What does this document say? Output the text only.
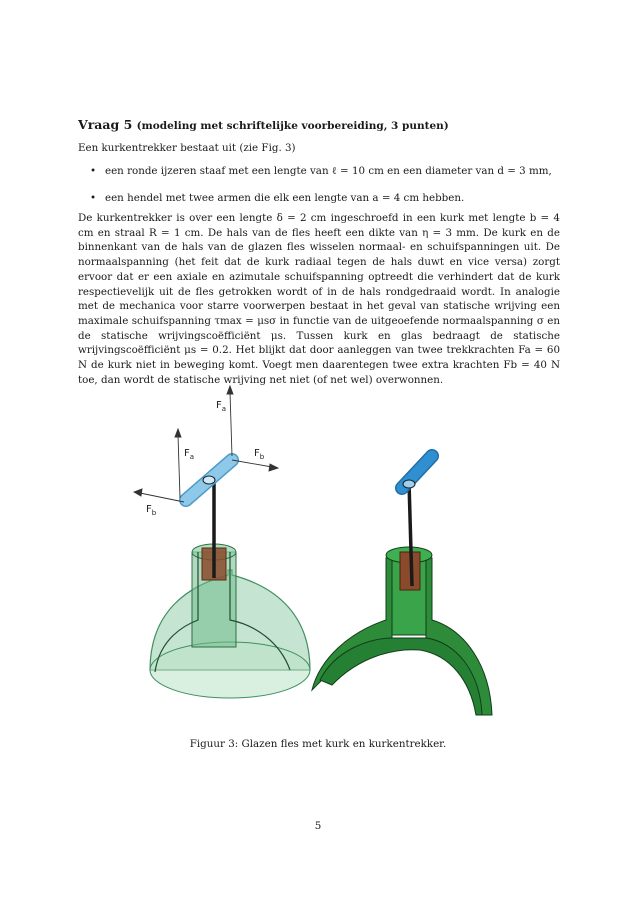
Vraag 5 (modeling met schriftelijke voorbereiding, 3 punten)
Een kurkentrekker bestaat uit (zie Fig. 3)
• een ronde ijzeren staaf met een lengte van ℓ = 10 cm en een diameter van d = 3 mm,
• een hendel met twee armen die elk een lengte van a = 4 cm hebben.
De kurkentrekker is over een lengte δ = 2 cm ingeschroefd in een kurk met lengte b = 4 cm en straal R = 1 cm. De hals van de fles heeft een dikte van η = 3 mm. De kurk en de binnenkant van de hals van de glazen fles wisselen normaal- en schuifspanningen uit. De normaalspanning (het feit dat de kurk radiaal tegen de hals duwt en vice versa) zorgt ervoor dat er een axiale en azimutale schuifspanning optreedt die verhindert dat de kurk respectievelijk uit de fles getrokken wordt of in de hals rondgedraaid wordt. In analogie met de mechanica voor starre voorwerpen bestaat in het geval van statische wrijving een maximale schuifspanning τmax = μsσ in functie van de uitgeoefende normaalspanning σ en de statische wrijvingscoëfficiënt μs. Tussen kurk en glas bedraagt de statische wrijvingscoëfficiënt μs = 0.2. Het blijkt dat door aanleggen van twee trekkrachten Fa = 60 N de kurk niet in beweging komt. Voegt men daarentegen twee extra krachten Fb = 40 N toe, dan wordt de statische wrijving net niet (of net wel) overwonnen.
$F_a$
$F_a$	$F_b$
$F_b$
Figuur 3: Glazen fles met kurk en kurkentrekker.
5
